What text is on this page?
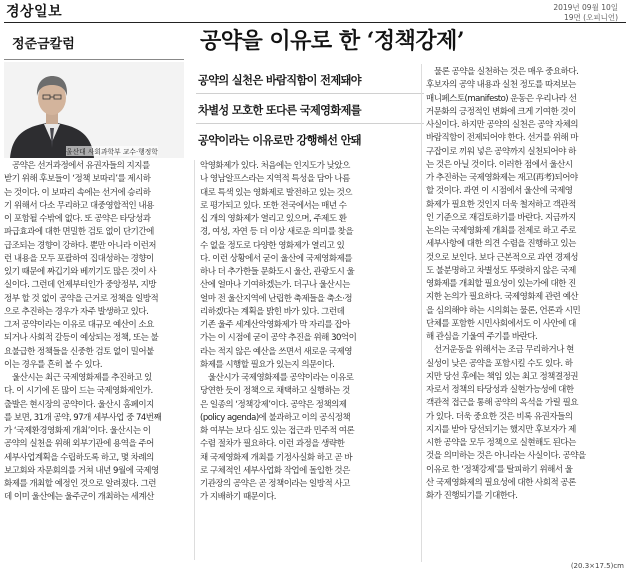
경상일보	2019년 09월 10일
19면 (오피니언)
정준금칼럼	공약을 이유로 한 ‘정책강제’
울산대 사회과학부 교수·행정학
공약의 실천은 바람직함이 전제돼야
차별성 모호한 또다른 국제영화제를
공약이라는 이유로만 강행해선 안돼

　공약은 선거과정에서 유권자들의 지지를

받기 위해 후보들이 ‘정책 보따리’를 제시하

는 것이다. 이 보따리 속에는 선거에 승리하

기 위해서 다소 무리하고 대중영합적인 내용

이 포함될 수밖에 없다. 또 공약은 타당성과

파급효과에 대한 면밀한 검토 없이 단기간에

급조되는 경향이 강하다. 뿐만 아니라 이런저

런 내용을 모두 포괄하여 집대성하는 경향이

있기 때문에 짜깁기와 베끼기도 많은 것이 사

실이다. 그런데 언제부터인가 중앙정부, 지방

정부 할 것 없이 공약을 근거로 정책을 일방적

으로 추진하는 경우가 자주 발생하고 있다.

그저 공약이라는 이유로 대규모 예산이 소요

되거나 사회적 갈등이 예상되는 정책, 또는 불

요불급한 정책들을 신중한 검토 없이 밀어붙

이는 경우를 흔히 볼 수 있다.

　울산시는 최근 국제영화제를 추진하고 있

다. 이 시기에 돈 많이 드는 국제영화제인가.

출발은 현시장의 공약이다. 울산시 홈페이지

를 보면, 31개 공약, 97개 세부사업 중 74번째

가 ‘국제환경영화제 개최’이다. 울산시는 이

공약의 실천을 위해 외부기관에 용역을 주어

세부사업계획을 수립하도록 하고, 몇 차례의

보고회와 자문회의를 거쳐 내년 9월에 국제영

화제를 개최할 예정인 것으로 알려졌다. 그런

데 이미 울산에는 울주군이 개최하는 세계산

악영화제가 있다. 처음에는 인지도가 낮았으

나 영남알프스라는 지역적 특성을 담아 나름

대로 특색 있는 영화제로 발전하고 있는 것으

로 평가되고 있다. 또한 전국에서는 매년 수

십 개의 영화제가 열리고 있으며, 주제도 환

경, 여성, 자연 등 더 이상 새로운 의미를 찾을

수 없을 정도로 다양한 영화제가 열리고 있

다. 이런 상황에서 굳이 울산에 국제영화제를

하나 더 추가한들 문화도시 울산, 관광도시 울

산에 얼마나 기여하겠는가. 더구나 울산시는

얼마 전 울산지역에 난립한 축제들을 축소·정

리하겠다는 계획을 밝힌 바가 있다. 그런데

기존 울주 세계산악영화제가 막 자리를 잡아

가는 이 시점에 굳이 공약 추진을 위해 30억이

라는 적지 않은 예산을 쓰면서 새로운 국제영

화제를 시행할 필요가 있는지 의문이다.

　울산시가 국제영화제를 공약이라는 이유로

당연한 듯이 정책으로 채택하고 실행하는 것

은 일종의 ‘정책강제’이다. 공약은 정책의제

(policy agenda)에 불과하고 이의 공식정책

화 여부는 보다 심도 있는 접근과 민주적 여론

수렴 절차가 필요하다. 이런 과정을 생략한

채 국제영화제 개최를 기정사실화 하고 곧 바

로 구체적인 세부사업화 작업에 돌입한 것은

기관장의 공약은 곧 정책이라는 일방적 사고

가 지배하기 때문이다.

　물론 공약을 실천하는 것은 매우 중요하다.

후보자의 공약 내용과 실천 정도를 따져보는

매니페스토(manifesto) 운동은 우리나라 선

거문화의 긍정적인 변화에 크게 기여한 것이

사실이다. 하지만 공약의 실천은 공약 자체의

바람직함이 전제되어야 한다. 선거를 위해 마

구잡이로 끼워 넣은 공약까지 실천되어야 하

는 것은 아닐 것이다. 이러한 점에서 울산시

가 추진하는 국제영화제는 재고(再考)되어야

할 것이다. 과연 이 시점에서 울산에 국제영

화제가 필요한 것인지 더욱 철저하고 객관적

인 기준으로 재검토하기를 바란다. 지금까지

논의는 국제영화제 개최를 전제로 하고 주로

세부사항에 대한 의견 수렴을 진행하고 있는

것으로 보인다. 보다 근본적으로 과연 경제성

도 불분명하고 차별성도 뚜렷하지 않은 국제

영화제를 개최할 필요성이 있는가에 대한 진

지한 논의가 필요하다. 국제영화제 관련 예산

을 심의해야 하는 시의회는 물론, 언론과 시민

단체를 포함한 시민사회에서도 이 사안에 대

해 관심을 기울여 주기를 바란다.

　선거운동을 위해서는 조금 무리하거나 현

실성이 낮은 공약을 포함시킬 수도 있다. 하

지만 당선 후에는 책임 있는 최고 정책결정권

자로서 정책의 타당성과 실현가능성에 대한

객관적 접근을 통해 공약의 옥석을 가릴 필요

가 있다. 더욱 중요한 것은 비록 유권자들의

지지를 받아 당선되기는 했지만 후보자가 제

시한 공약을 모두 정책으로 실현해도 된다는

것을 의미하는 것은 아니라는 사실이다. 공약을

이유로 한 ‘정책강제’를 탈피하기 위해서 울

산 국제영화제의 필요성에 대한 사회적 공론

화가 진행되기를 기대한다.

(20.3×17.5)cm
